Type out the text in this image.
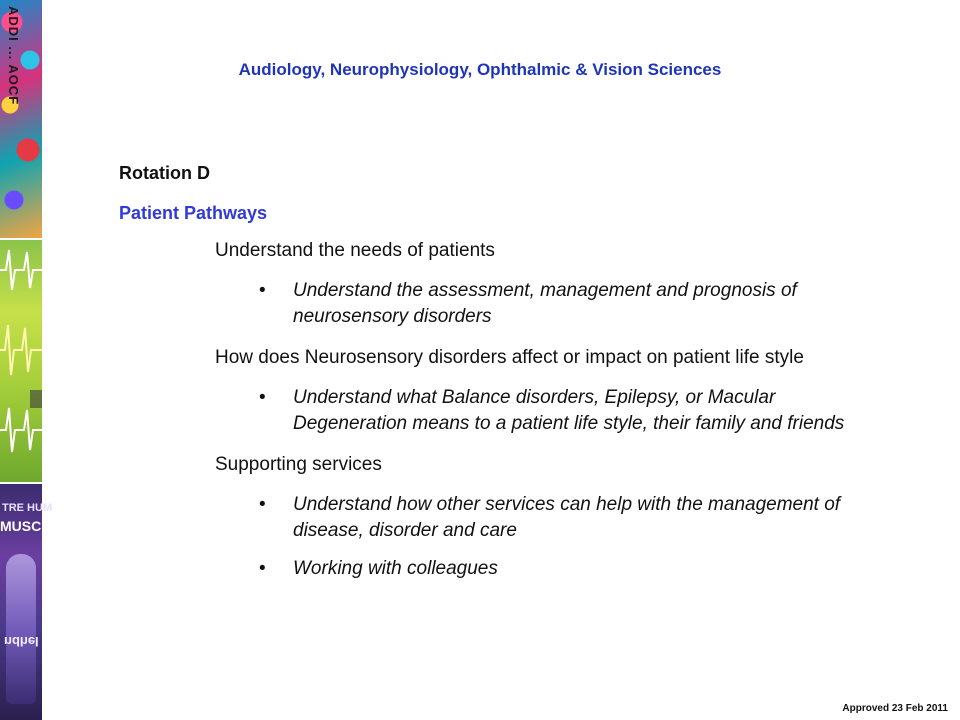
ADDI ... AOCF
TRE HUM
MUSCL
ndhel
Audiology, Neurophysiology, Ophthalmic & Vision Sciences
Rotation D
Patient Pathways
Understand the needs of patients
• Understand the assessment, management and prognosis of neurosensory disorders
How does Neurosensory disorders affect or impact on patient life style
• Understand what Balance disorders, Epilepsy, or Macular Degeneration means to a patient life style, their family and friends
Supporting services
• Understand how other services can help with the management of disease, disorder and care
• Working with colleagues
Approved 23 Feb 2011
